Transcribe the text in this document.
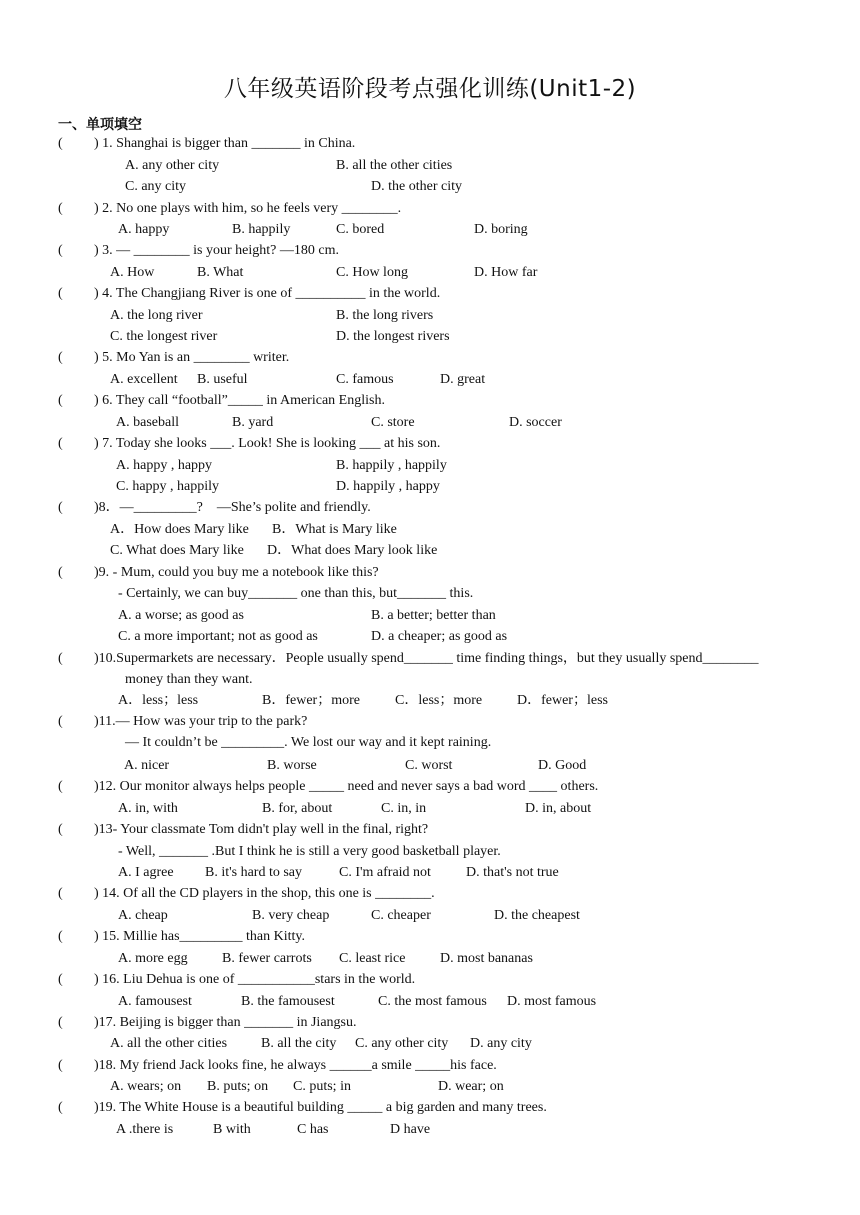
八年级英语阶段考点强化训练(Unit1-2)
一、单项填空
( ) 1. Shanghai is bigger than _______ in China.
A. any other city	B. all the other cities
C. any city	D. the other city
( ) 2. No one plays with him, so he feels very ________.
A. happy	B. happily	C. bored	D. boring
( ) 3. — ________ is your height? —180 cm.
A. How	B. What	C. How long	D. How far
( ) 4. The Changjiang River is one of __________ in the world.
A. the long river	B. the long rivers
C. the longest river	D. the longest rivers
( ) 5. Mo Yan is an ________ writer.
A. excellent B. useful	C. famous	D. great
( ) 6. They call “football”_____ in American English.
A. baseball	B. yard	C. store	D. soccer
( ) 7. Today she looks ___. Look! She is looking ___ at his son.
A. happy , happy	B. happily , happily
C. happy , happily	D. happily , happy
( )8．—_________?　—She’s polite and friendly.
A．How does Mary like B．What is Mary like
C. What does Mary like D．What does Mary look like
( )9. - Mum, could you buy me a notebook like this?
- Certainly, we can buy_______ one than this, but_______ this.
A. a worse; as good as	B. a better; better than
C. a more important; not as good as	D. a cheaper; as good as
( )10.Supermarkets are necessary．People usually spend_______ time finding things，but they usually spend________
money than they want.
A．less；less	B．fewer；more	C．less；more D．fewer；less
( )11.— How was your trip to the park?
— It couldn’t be _________. We lost our way and it kept raining.
A. nicer	B. worse	C. worst	D. Good
( )12. Our monitor always helps people _____ need and never says a bad word ____ others.
A. in, with	B. for, about	C. in, in	D. in, about
( )13- Your classmate Tom didn't play well in the final, right?
- Well, _______ .But I think he is still a very good basketball player.
A. I agree B. it's hard to say	C. I'm afraid not	D. that's not true
( ) 14. Of all the CD players in the shop, this one is ________.
A. cheap	B. very cheap	C. cheaper	D. the cheapest
( ) 15. Millie has_________ than Kitty.
A. more egg B. fewer carrots C. least rice D. most bananas
( ) 16. Liu Dehua is one of ___________stars in the world.
A. famousest	B. the famousest	C. the most famous D. most famous
( )17. Beijing is bigger than _______ in Jiangsu.
A. all the other cities B. all the city C. any other city D. any city
( )18. My friend Jack looks fine, he always ______a smile _____his face.
A. wears; on B. puts; on C. puts; in	D. wear; on
( )19. The White House is a beautiful building _____ a big garden and many trees.
A .there is	B with	C has	D have
